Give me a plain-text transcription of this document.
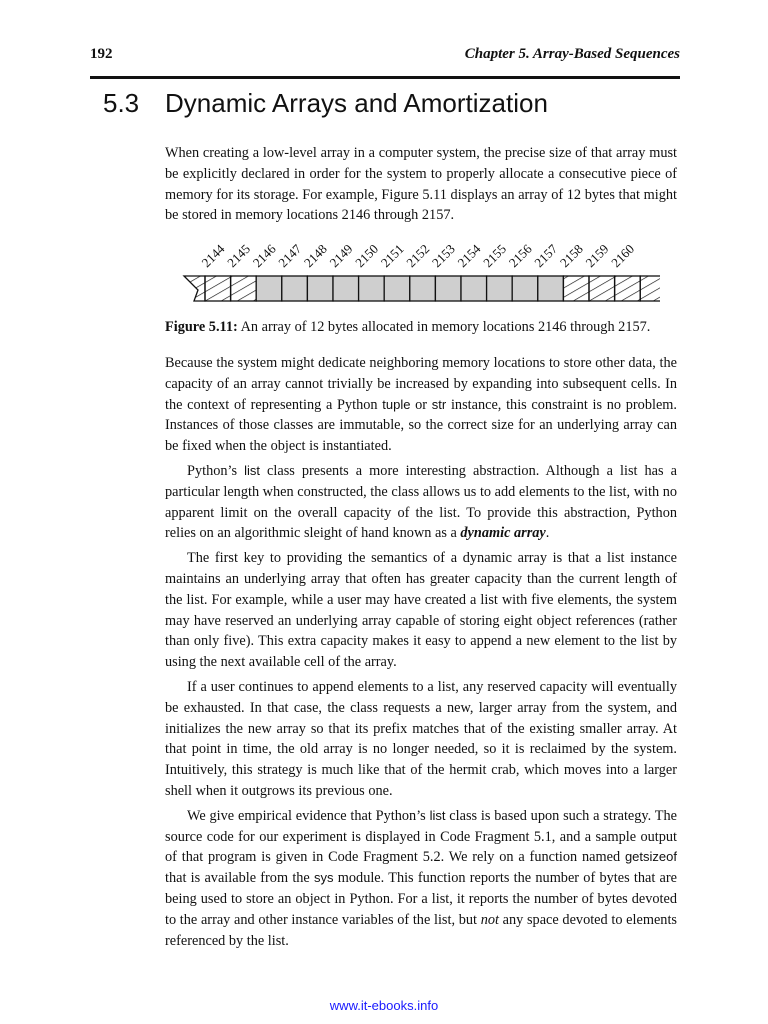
192	Chapter 5. Array-Based Sequences
5.3 Dynamic Arrays and Amortization

When creating a low-level array in a computer system, the precise size of that array must be explicitly declared in order for the system to properly allocate a consecutive piece of memory for its storage. For example, Figure 5.11 displays an array of 12 bytes that might be stored in memory locations 2146 through 2157.

2144
2145
2146
2147
2148
2149
2150
2151
2152
2153
2154
2155
2156
2157
2158
2159
2160
Figure 5.11: An array of 12 bytes allocated in memory locations 2146 through 2157.

Because the system might dedicate neighboring memory locations to store other data, the capacity of an array cannot trivially be increased by expanding into subsequent cells. In the context of representing a Python tuple or str instance, this constraint is no problem. Instances of those classes are immutable, so the correct size for an underlying array can be fixed when the object is instantiated.

Python’s list class presents a more interesting abstraction. Although a list has a particular length when constructed, the class allows us to add elements to the list, with no apparent limit on the overall capacity of the list. To provide this abstraction, Python relies on an algorithmic sleight of hand known as a dynamic array.

The first key to providing the semantics of a dynamic array is that a list instance maintains an underlying array that often has greater capacity than the current length of the list. For example, while a user may have created a list with five elements, the system may have reserved an underlying array capable of storing eight object references (rather than only five). This extra capacity makes it easy to append a new element to the list by using the next available cell of the array.

If a user continues to append elements to a list, any reserved capacity will eventually be exhausted. In that case, the class requests a new, larger array from the system, and initializes the new array so that its prefix matches that of the existing smaller array. At that point in time, the old array is no longer needed, so it is reclaimed by the system. Intuitively, this strategy is much like that of the hermit crab, which moves into a larger shell when it outgrows its previous one.

We give empirical evidence that Python’s list class is based upon such a strategy. The source code for our experiment is displayed in Code Fragment 5.1, and a sample output of that program is given in Code Fragment 5.2. We rely on a function named getsizeof that is available from the sys module. This function reports the number of bytes that are being used to store an object in Python. For a list, it reports the number of bytes devoted to the array and other instance variables of the list, but not any space devoted to elements referenced by the list.

www.it-ebooks.info
